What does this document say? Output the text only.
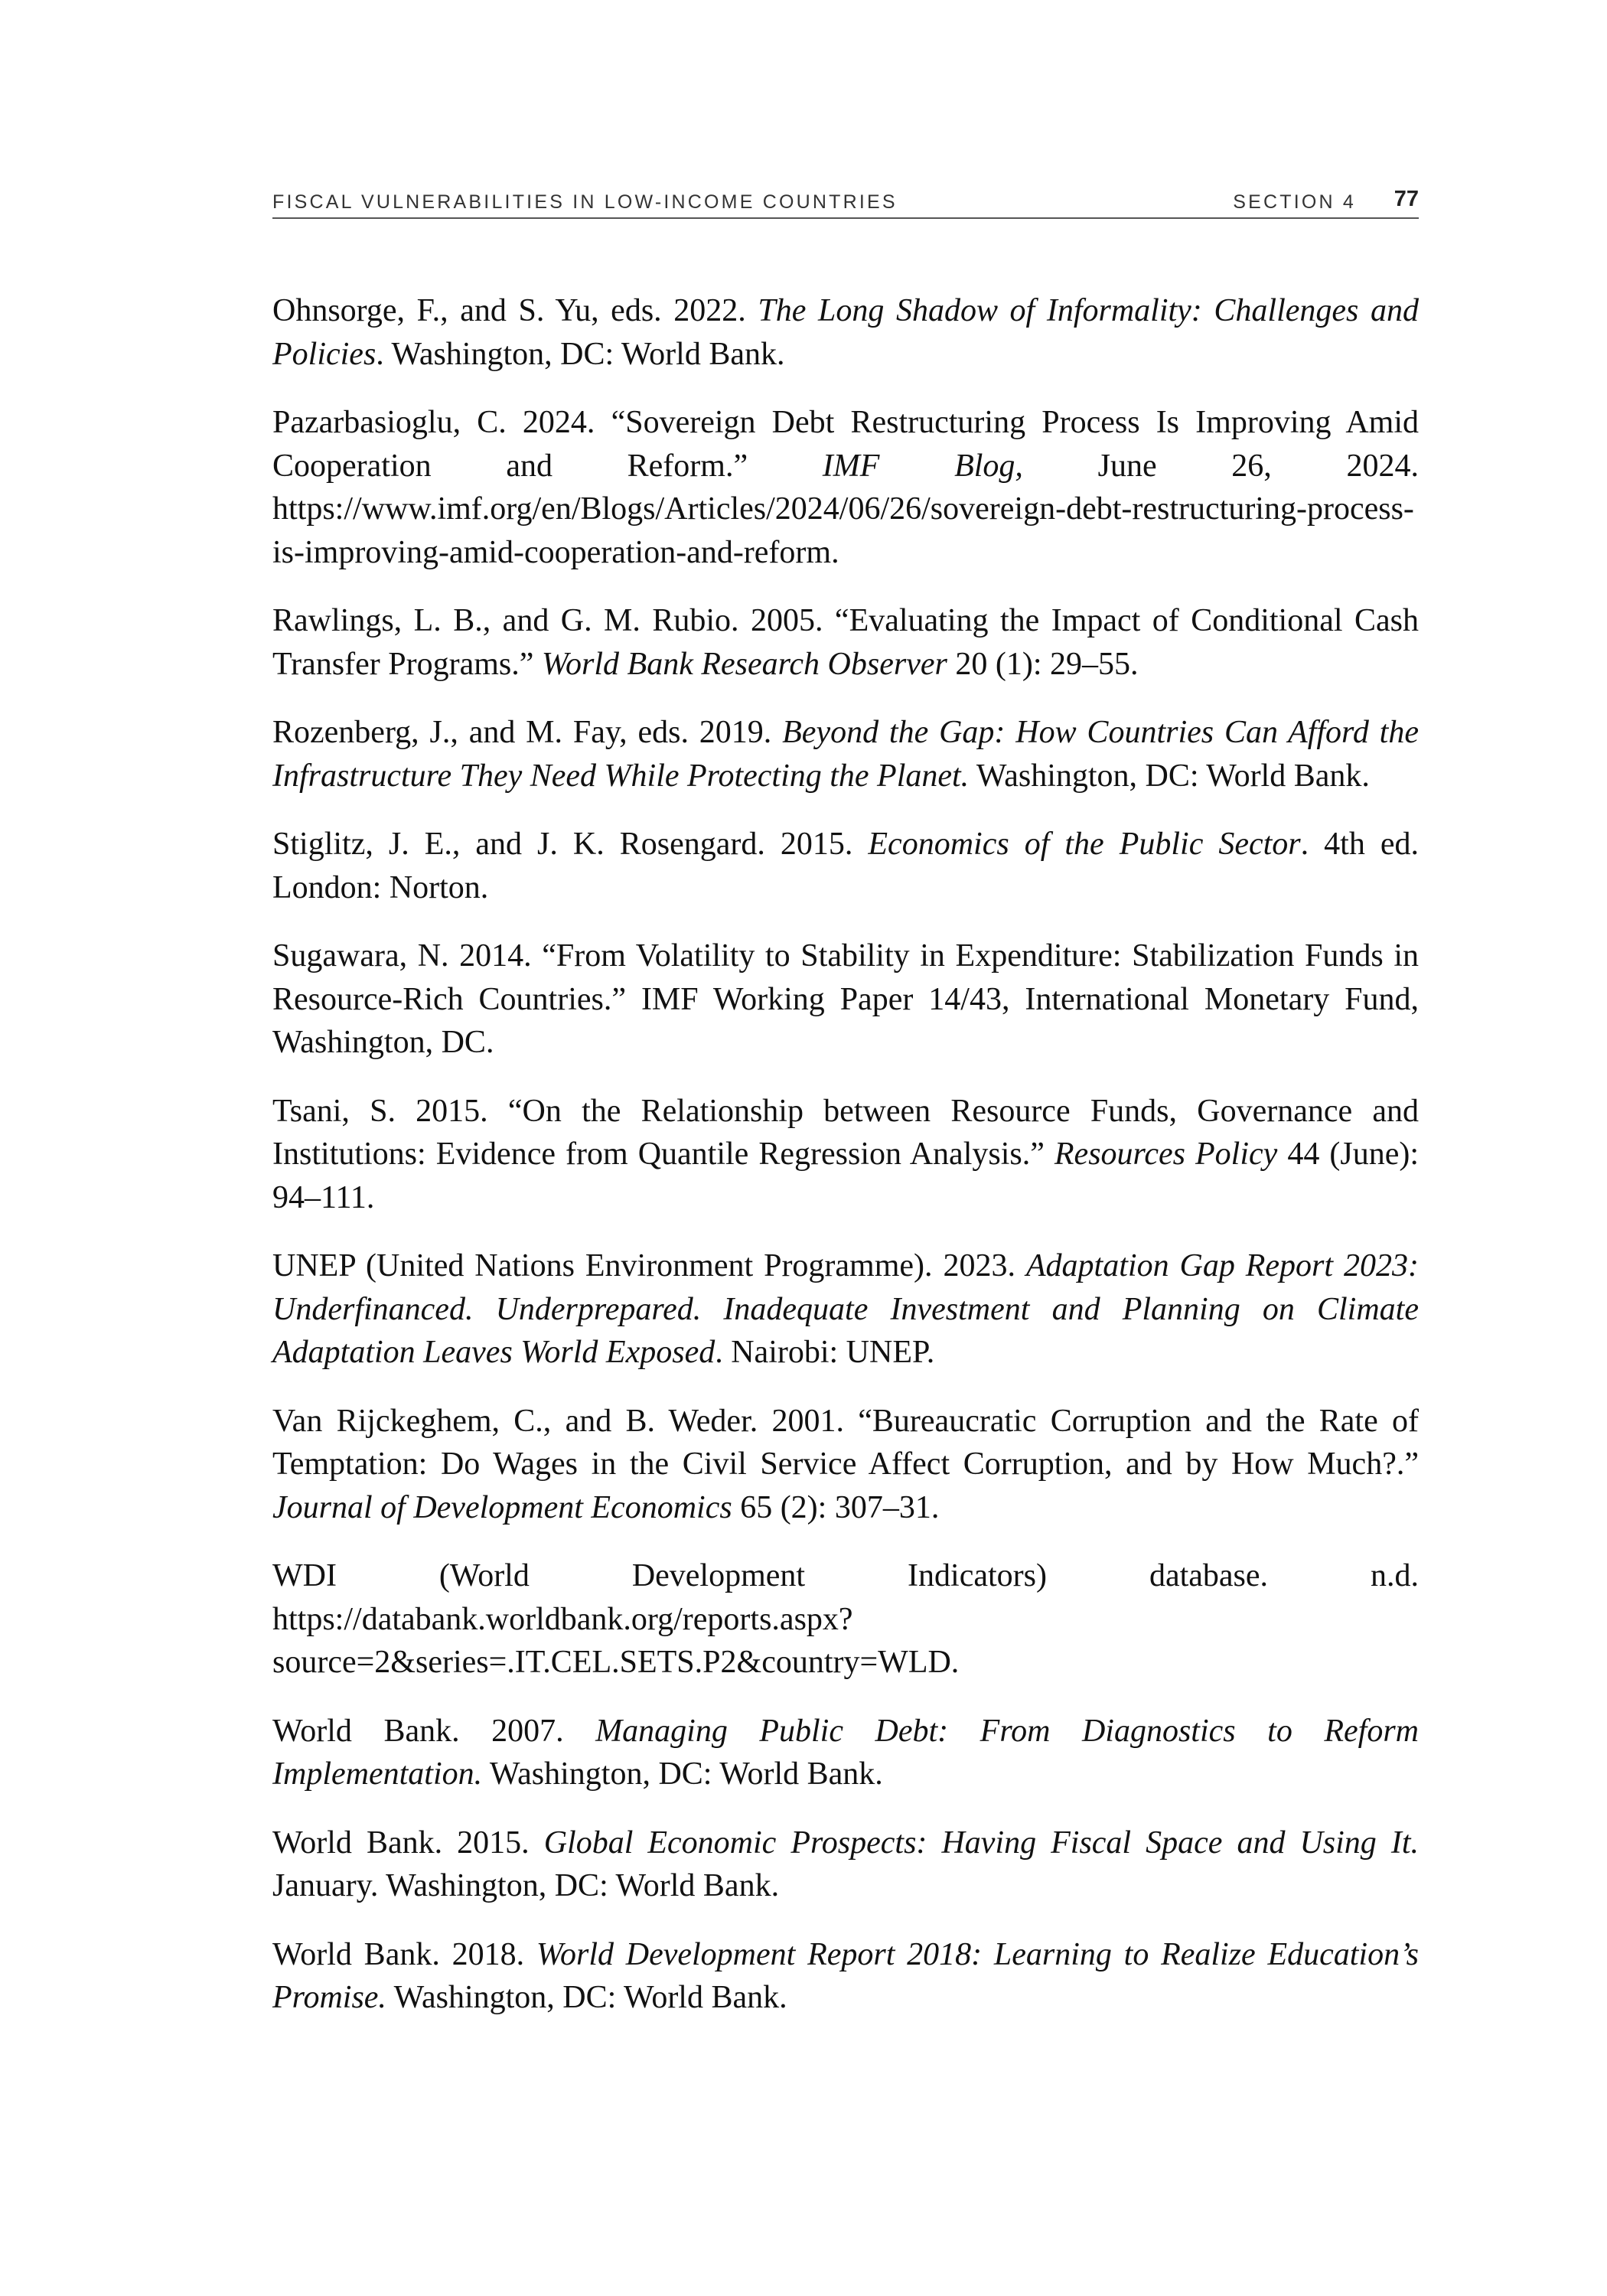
FISCAL VULNERABILITIES IN LOW-INCOME COUNTRIES	SECTION 4 77

Ohnsorge, F., and S. Yu, eds. 2022. The Long Shadow of Informality: Challenges and Policies. Washington, DC: World Bank.

Pazarbasioglu, C. 2024. “Sovereign Debt Restructuring Process Is Improving Amid Cooperation and Reform.” IMF Blog, June 26, 2024. https://www.imf.org/en/Blogs/Articles/2024/06/26/sovereign-debt-restructuring-process-is-improving-amid-cooperation-and-reform.

Rawlings, L. B., and G. M. Rubio. 2005. “Evaluating the Impact of Conditional Cash Transfer Programs.” World Bank Research Observer 20 (1): 29–55.

Rozenberg, J., and M. Fay, eds. 2019. Beyond the Gap: How Countries Can Afford the Infrastructure They Need While Protecting the Planet. Washington, DC: World Bank.

Stiglitz, J. E., and J. K. Rosengard. 2015. Economics of the Public Sector. 4th ed. London: Norton.

Sugawara, N. 2014. “From Volatility to Stability in Expenditure: Stabilization Funds in Resource-Rich Countries.” IMF Working Paper 14/43, International Monetary Fund, Washington, DC.

Tsani, S. 2015. “On the Relationship between Resource Funds, Governance and Institutions: Evidence from Quantile Regression Analysis.” Resources Policy 44 (June): 94–111.

UNEP (United Nations Environment Programme). 2023. Adaptation Gap Report 2023: Underfinanced. Underprepared. Inadequate Investment and Planning on Climate Adaptation Leaves World Exposed. Nairobi: UNEP.

Van Rijckeghem, C., and B. Weder. 2001. “Bureaucratic Corruption and the Rate of Temptation: Do Wages in the Civil Service Affect Corruption, and by How Much?.” Journal of Development Economics 65 (2): 307–31.

WDI (World Development Indicators) database. n.d. https://databank.worldbank.org/reports.aspx?source=2&series=.IT.CEL.SETS.P2&country=WLD.

World Bank. 2007. Managing Public Debt: From Diagnostics to Reform Implementation. Washington, DC: World Bank.

World Bank. 2015. Global Economic Prospects: Having Fiscal Space and Using It. January. Washington, DC: World Bank.

World Bank. 2018. World Development Report 2018: Learning to Realize Education’s Promise. Washington, DC: World Bank.
